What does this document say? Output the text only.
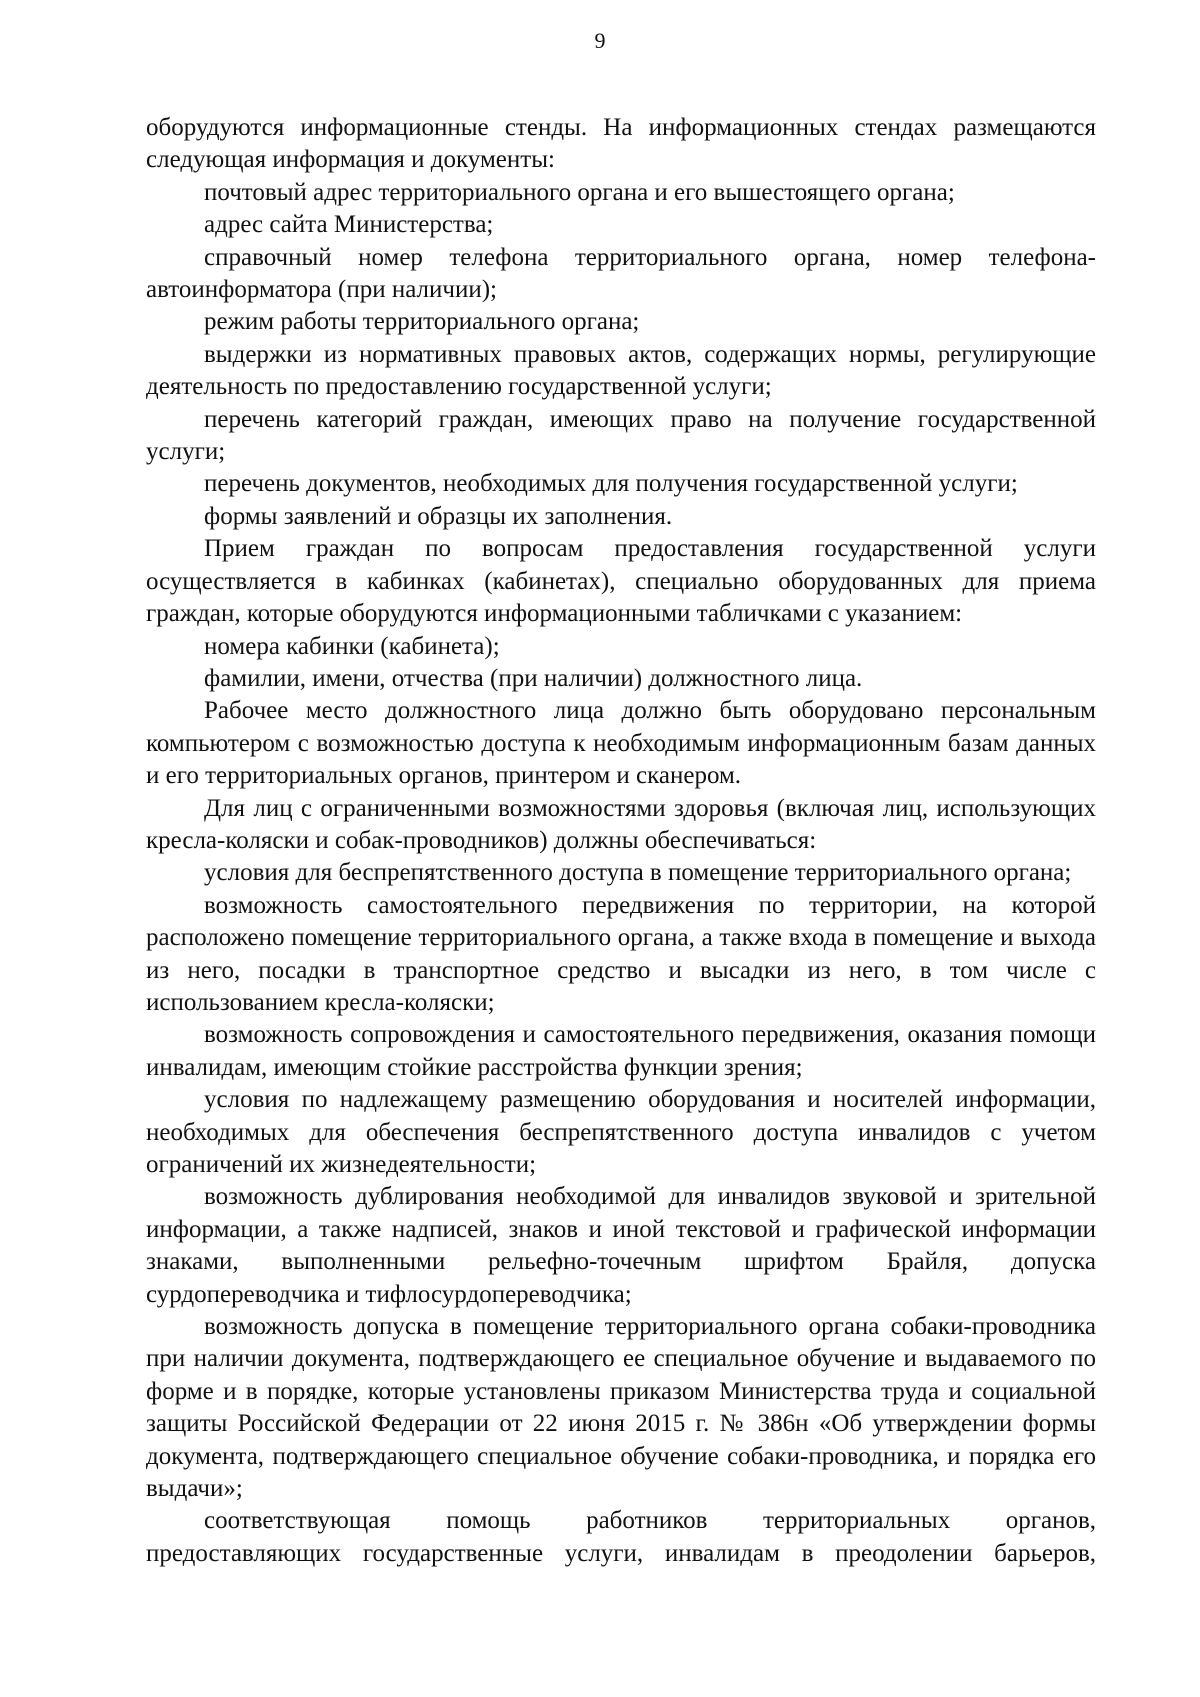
9

оборудуются информационные стенды. На информационных стендах размещаются следующая информация и документы:

почтовый адрес территориального органа и его вышестоящего органа;

адрес сайта Министерства;

справочный номер телефона территориального органа, номер телефона-автоинформатора (при наличии);

режим работы территориального органа;

выдержки из нормативных правовых актов, содержащих нормы, регулирующие деятельность по предоставлению государственной услуги;

перечень категорий граждан, имеющих право на получение государственной услуги;

перечень документов, необходимых для получения государственной услуги;

формы заявлений и образцы их заполнения.

Прием граждан по вопросам предоставления государственной услуги осуществляется в кабинках (кабинетах), специально оборудованных для приема граждан, которые оборудуются информационными табличками с указанием:

номера кабинки (кабинета);

фамилии, имени, отчества (при наличии) должностного лица.

Рабочее место должностного лица должно быть оборудовано персональным компьютером с возможностью доступа к необходимым информационным базам данных и его территориальных органов, принтером и сканером.

Для лиц с ограниченными возможностями здоровья (включая лиц, использующих кресла-коляски и собак-проводников) должны обеспечиваться:

условия для беспрепятственного доступа в помещение территориального органа;

возможность самостоятельного передвижения по территории, на которой расположено помещение территориального органа, а также входа в помещение и выхода из него, посадки в транспортное средство и высадки из него, в том числе с использованием кресла-коляски;

возможность сопровождения и самостоятельного передвижения, оказания помощи инвалидам, имеющим стойкие расстройства функции зрения;

условия по надлежащему размещению оборудования и носителей информации, необходимых для обеспечения беспрепятственного доступа инвалидов с учетом ограничений их жизнедеятельности;

возможность дублирования необходимой для инвалидов звуковой и зрительной информации, а также надписей, знаков и иной текстовой и графической информации знаками, выполненными рельефно-точечным шрифтом Брайля, допуска сурдопереводчика и тифлосурдопереводчика;

возможность допуска в помещение территориального органа собаки-проводника при наличии документа, подтверждающего ее специальное обучение и выдаваемого по форме и в порядке, которые установлены приказом Министерства труда и социальной защиты Российской Федерации от 22 июня 2015 г. № 386н «Об утверждении формы документа, подтверждающего специальное обучение собаки-проводника, и порядка его выдачи»;

соответствующая помощь работников территориальных органов, предоставляющих государственные услуги, инвалидам в преодолении барьеров,
